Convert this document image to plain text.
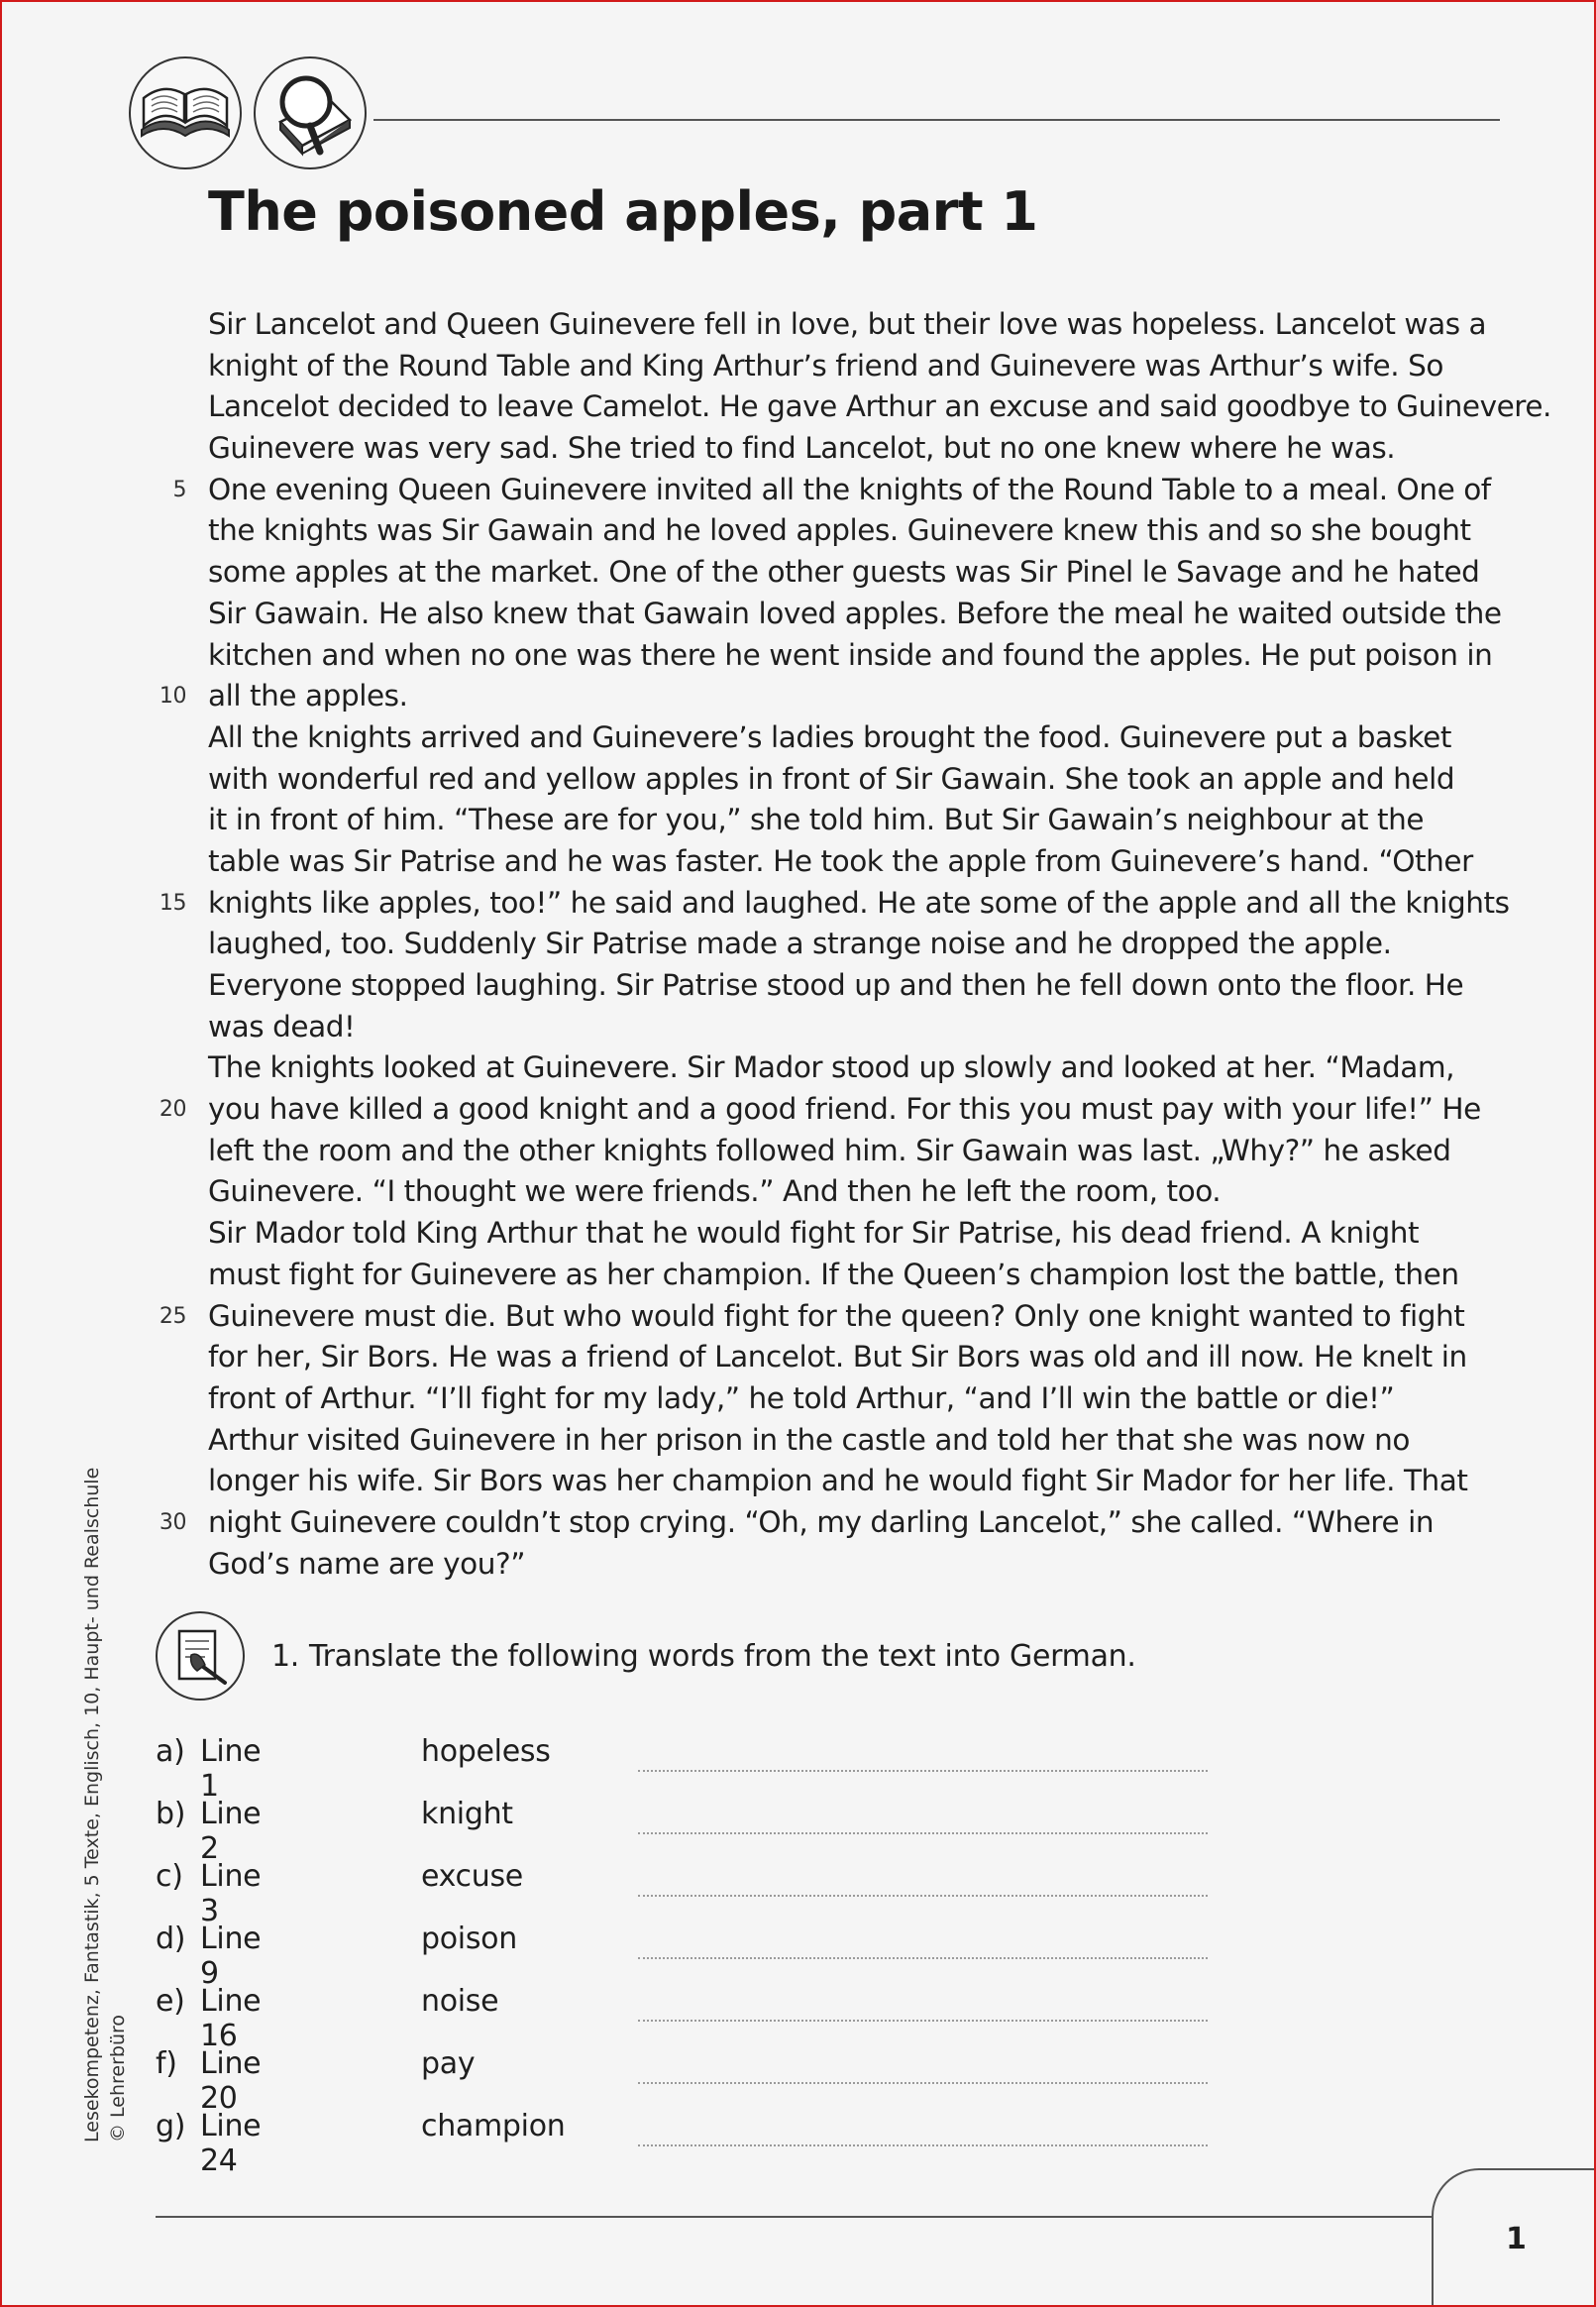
The poisoned apples, part 1
Sir Lancelot and Queen Guinevere fell in love, but their love was hopeless. Lancelot was a
knight of the Round Table and King Arthur’s friend and Guinevere was Arthur’s wife. So
Lancelot decided to leave Camelot. He gave Arthur an excuse and said goodbye to Guinevere.
Guinevere was very sad. She tried to find Lancelot, but no one knew where he was.
5 One evening Queen Guinevere invited all the knights of the Round Table to a meal. One of
the knights was Sir Gawain and he loved apples. Guinevere knew this and so she bought
some apples at the market. One of the other guests was Sir Pinel le Savage and he hated
Sir Gawain. He also knew that Gawain loved apples. Before the meal he waited outside the
kitchen and when no one was there he went inside and found the apples. He put poison in
10 all the apples.
All the knights arrived and Guinevere’s ladies brought the food. Guinevere put a basket
with wonderful red and yellow apples in front of Sir Gawain. She took an apple and held
it in front of him. “These are for you,” she told him. But Sir Gawain’s neighbour at the
table was Sir Patrise and he was faster. He took the apple from Guinevere’s hand. “Other
15 knights like apples, too!” he said and laughed. He ate some of the apple and all the knights
laughed, too. Suddenly Sir Patrise made a strange noise and he dropped the apple.
Everyone stopped laughing. Sir Patrise stood up and then he fell down onto the floor. He
was dead!
The knights looked at Guinevere. Sir Mador stood up slowly and looked at her. “Madam,
20 you have killed a good knight and a good friend. For this you must pay with your life!” He
left the room and the other knights followed him. Sir Gawain was last. „Why?” he asked
Guinevere. “I thought we were friends.” And then he left the room, too.
Sir Mador told King Arthur that he would fight for Sir Patrise, his dead friend. A knight
must fight for Guinevere as her champion. If the Queen’s champion lost the battle, then
25 Guinevere must die. But who would fight for the queen? Only one knight wanted to fight
for her, Sir Bors. He was a friend of Lancelot. But Sir Bors was old and ill now. He knelt in
front of Arthur. “I’ll fight for my lady,” he told Arthur, “and I’ll win the battle or die!”
Arthur visited Guinevere in her prison in the castle and told her that she was now no
longer his wife. Sir Bors was her champion and he would fight Sir Mador for her life. That
30 night Guinevere couldn’t stop crying. “Oh, my darling Lancelot,” she called. “Where in
God’s name are you?”
1. Translate the following words from the text into German.
a) Line 1
hopeless
b) Line 2
knight
c) Line 3
excuse
d) Line 9
poison
e) Line 16
noise
f) Line 20
pay
g) Line 24
champion
Lesekompetenz, Fantastik, 5 Texte, Englisch, 10, Haupt- und Realschule © Lehrerbüro
1
